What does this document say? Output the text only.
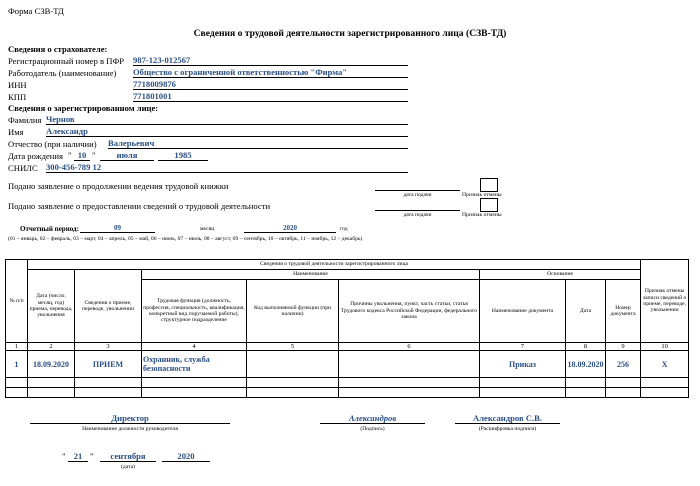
Форма СЗВ-ТД
Сведения о трудовой деятельности зарегистрированного лица (СЗВ-ТД)
Сведения о страхователе:
Регистрационный номер в ПФР 987-123-012567
Работодатель (наименование) Общество с ограниченной ответственностью "Фирма"
ИНН	7718009876
КПП	771801001
Сведения о зарегистрированном лице:
Фамилия Чернов
Имя	Александр
Отчество (при наличии) Валерьевич
Дата рождения " 10 "	июля	1985
СНИЛС 300-456-789 12
Подано заявление о продолжении ведения трудовой книжки
дата подачи	Признак отмены
Подано заявление о предоставлении сведений о трудовой деятельности
дата подачи	Признак отмены
Отчетный период:	09	месяц	2020	год
(01 – январь, 02 – февраль, 03 – март, 04 – апрель, 05 – май, 06 – июнь, 07 – июль, 08 – август, 09 – сентябрь, 10 – октябрь, 11 – ноябрь, 12 – декабрь)
№ п/п	Сведения о трудовой деятельности зарегистрированного лица								Признак отмены записи сведений о приеме, переводе, увольнении
	Дата (число, месяц, год) приема, перевода, увольнения	Сведения о приеме, переводе, увольнении	Наименование			Основание			
			Трудовая функция (должность, профессия, специальность, квалификация, конкретный вид поручаемой работы), структурное подразделение	Код выполняемой функции (при наличии)	Причины увольнения, пункт, часть статьи, статья Трудового кодекса Российской Федерации, федерального закона	Наименование документа	Дата	Номер документа	
1	2	3	4	5	6	7	8	9	10
1	18.09.2020	ПРИЕМ	Охранник, служба безопасности			Приказ	18.09.2020	256	X

Директор
Наименование должности руководителя
Александров
(Подпись)
Александров С.В.
(Расшифровка подписи)
" 21 "	сентября	2020
(дата)
